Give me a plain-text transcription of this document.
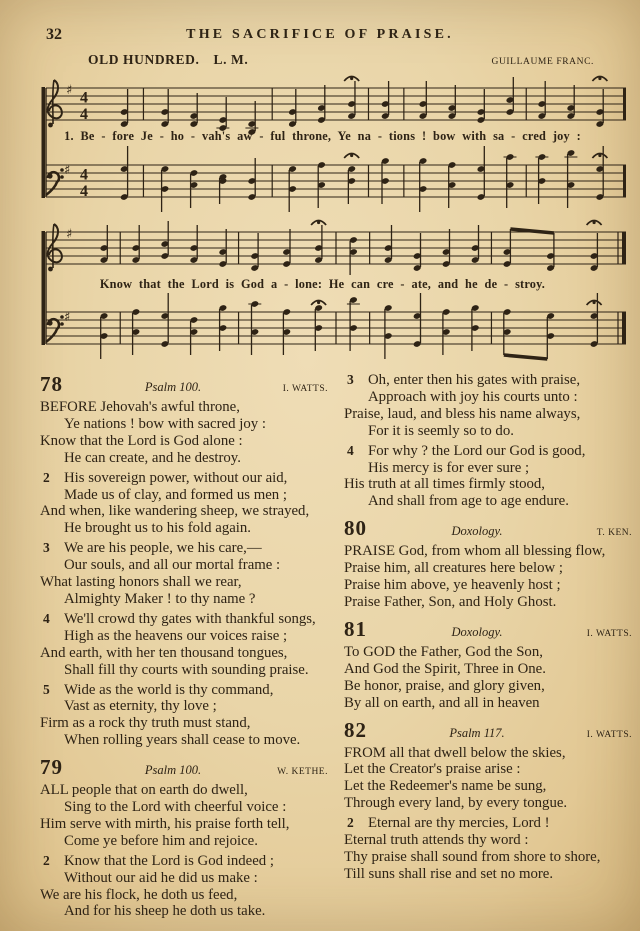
32	THE SACRIFICE OF PRAISE.
OLD HUNDRED. L. M.	GUILLAUME FRANC.
♯ 4
4
♯ 4
4
♯
♯
1. Be - fore Je - ho - vah's aw - ful throne, Ye na - tions ! bow with sa - cred joy :
Know that the Lord is God a - lone: He can cre - ate, and he de - stroy.
78	Psalm 100.	I. WATTS.
BEFORE Jehovah's awful throne,
Ye nations ! bow with sacred joy :
Know that the Lord is God alone :
He can create, and he destroy.
2 His sovereign power, without our aid,
Made us of clay, and formed us men ;
And when, like wandering sheep, we strayed,
He brought us to his fold again.
3 We are his people, we his care,—
Our souls, and all our mortal frame :
What lasting honors shall we rear,
Almighty Maker ! to thy name ?
4 We'll crowd thy gates with thankful songs,
High as the heavens our voices raise ;
And earth, with her ten thousand tongues,
Shall fill thy courts with sounding praise.
5 Wide as the world is thy command,
Vast as eternity, thy love ;
Firm as a rock thy truth must stand,
When rolling years shall cease to move.
79	Psalm 100.	W. KETHE.
ALL people that on earth do dwell,
Sing to the Lord with cheerful voice :
Him serve with mirth, his praise forth tell,
Come ye before him and rejoice.
2 Know that the Lord is God indeed ;
Without our aid he did us make :
We are his flock, he doth us feed,
And for his sheep he doth us take.
3 Oh, enter then his gates with praise,
Approach with joy his courts unto :
Praise, laud, and bless his name always,
For it is seemly so to do.
4 For why ? the Lord our God is good,
His mercy is for ever sure ;
His truth at all times firmly stood,
And shall from age to age endure.
80	Doxology.	T. KEN.
PRAISE God, from whom all blessing flow,
Praise him, all creatures here below ;
Praise him above, ye heavenly host ;
Praise Father, Son, and Holy Ghost.
81	Doxology.	I. WATTS.
To GOD the Father, God the Son,
And God the Spirit, Three in One.
Be honor, praise, and glory given,
By all on earth, and all in heaven
82	Psalm 117.	I. WATTS.
FROM all that dwell below the skies,
Let the Creator's praise arise :
Let the Redeemer's name be sung,
Through every land, by every tongue.
2 Eternal are thy mercies, Lord !
Eternal truth attends thy word :
Thy praise shall sound from shore to shore,
Till suns shall rise and set no more.
